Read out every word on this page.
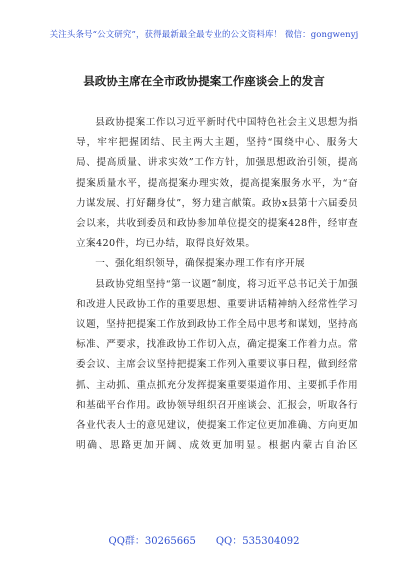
关注头条号“公文研究”，获得最新最全最专业的公文资料库！ 微信：gongwenyj
县政协主席在全市政协提案工作座谈会上的发言

县政协提案工作以习近平新时代中国特色社会主义思想为指导，牢牢把握团结、民主两大主题，坚持“围绕中心、服务大局、提高质量、讲求实效”工作方针，加强思想政治引领，提高提案质量水平，提高提案办理实效，提高提案服务水平，为“奋力谋发展、打好翻身仗”，努力建言献策。政协x县第十六届委员会以来，共收到委员和政协参加单位提交的提案428件，经审查立案420件，均已办结，取得良好效果。

一、强化组织领导，确保提案办理工作有序开展

县政协党组坚持“第一议题”制度，将习近平总书记关于加强和改进人民政协工作的重要思想、重要讲话精神纳入经常性学习议题，坚持把提案工作放到政协工作全局中思考和谋划，坚持高标准、严要求，找准政协工作切入点，确定提案工作着力点。常委会议、主席会议坚持把提案工作列入重要议事日程，做到经常抓、主动抓、重点抓充分发挥提案重要渠道作用、主要抓手作用和基础平台作用。政协领导组织召开座谈会、汇报会，听取各行各业代表人士的意见建议，使提案工作定位更加准确、方向更加明确、思路更加开阔、成效更加明显。根据内蒙古自治区

QQ群：30265665 QQ：535304092
